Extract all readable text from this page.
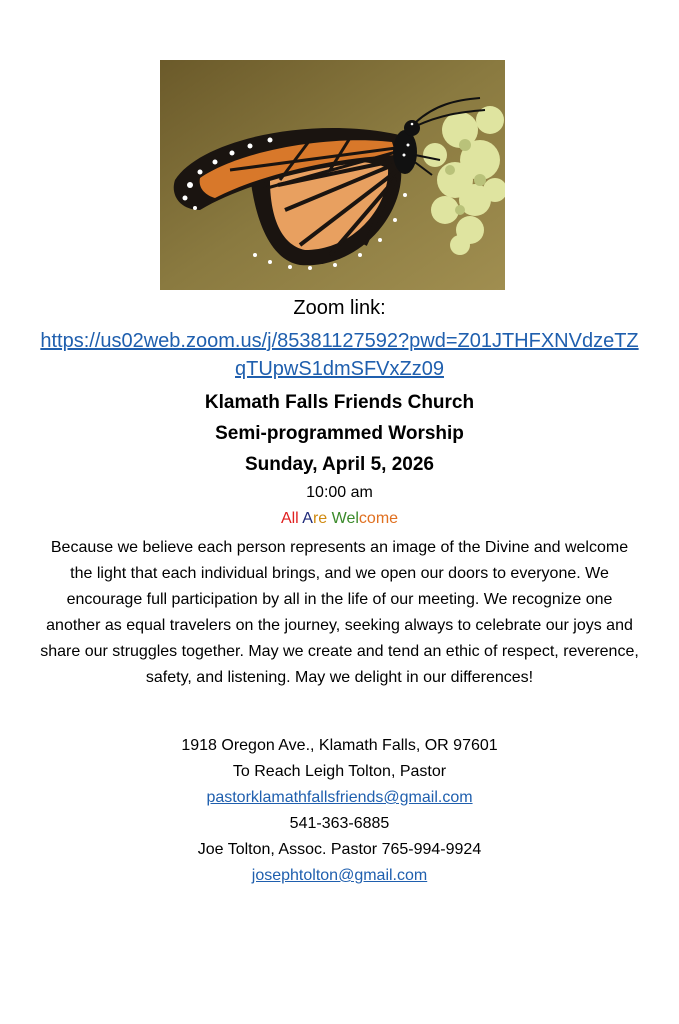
Zoom link:
https://us02web.zoom.us/j/85381127592?pwd=Z01JTHFXNVdzeTZqTUpwS1dmSFVxZz09
Klamath Falls Friends Church
Semi-programmed Worship
Sunday, April 5, 2026
10:00 am
All Are Welcome
Because we believe each person represents an image of the Divine and welcome the light that each individual brings, and we open our doors to everyone. We encourage full participation by all in the life of our meeting. We recognize one another as equal travelers on the journey, seeking always to celebrate our joys and share our struggles together. May we create and tend an ethic of respect, reverence, safety, and listening. May we delight in our differences!
1918 Oregon Ave., Klamath Falls, OR 97601
To Reach Leigh Tolton, Pastor
pastorklamathfallsfriends@gmail.com
541-363-6885
Joe Tolton, Assoc. Pastor 765-994-9924
josephtolton@gmail.com
